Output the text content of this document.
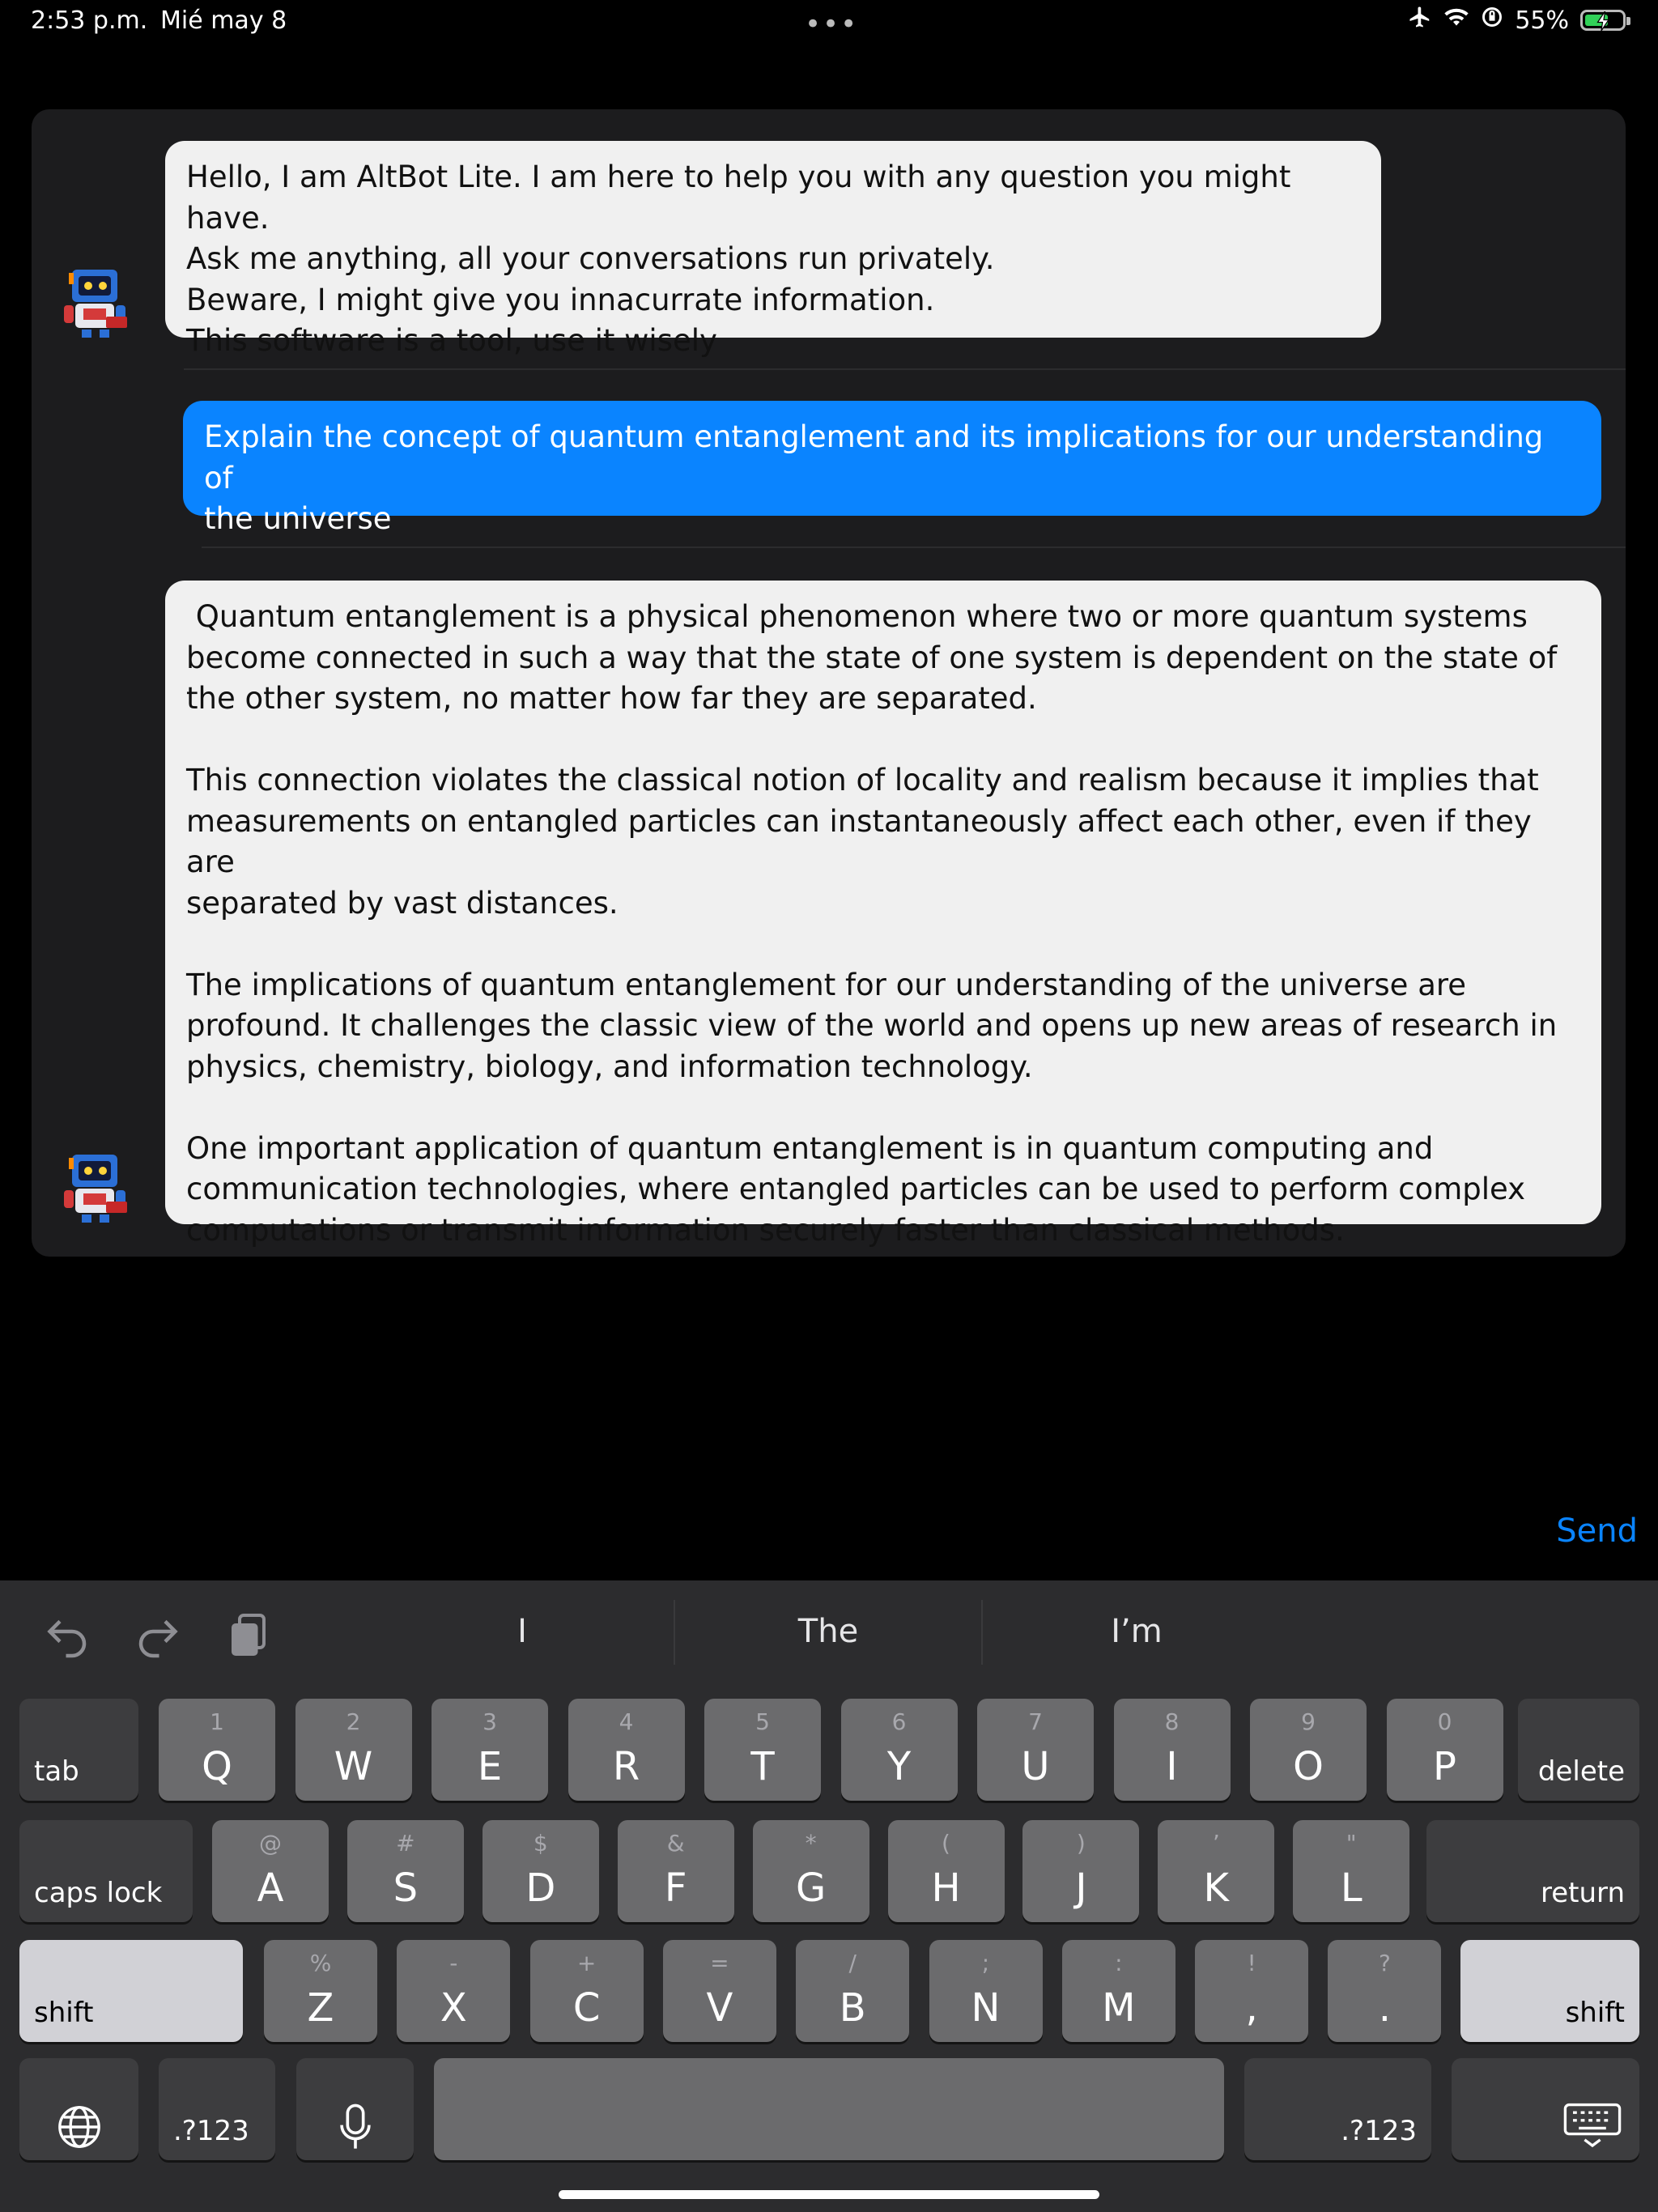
2:53 p.m. Mié may 8	•••	55%
Hello, I am AltBot Lite. I am here to help you with any question you might have.
Ask me anything, all your conversations run privately.
Beware, I might give you innacurrate information.
This software is a tool, use it wisely
Explain the concept of quantum entanglement and its implications for our understanding of
the universe
Quantum entanglement is a physical phenomenon where two or more quantum systems
become connected in such a way that the state of one system is dependent on the state of
the other system, no matter how far they are separated.

This connection violates the classical notion of locality and realism because it implies that
measurements on entangled particles can instantaneously affect each other, even if they are
separated by vast distances.

The implications of quantum entanglement for our understanding of the universe are
profound. It challenges the classic view of the world and opens up new areas of research in
physics, chemistry, biology, and information technology.

One important application of quantum entanglement is in quantum computing and
communication technologies, where entangled particles can be used to perform complex
computations or transmit information securely faster than classical methods.
Send
I	The	I’m
tab
1
Q
2
W
3
E
4
R
5
T
6
Y
7
U
8
I
9
O
0
P	delete
caps lock
@
A
#
S
$
D
&
F
*
G
(
H
)
J
’
K
"
L	return
shift
%
Z
-
X
+
C
=
V
/
B
;
N
:
M
!
,
?
.	shift
.?123	.?123
